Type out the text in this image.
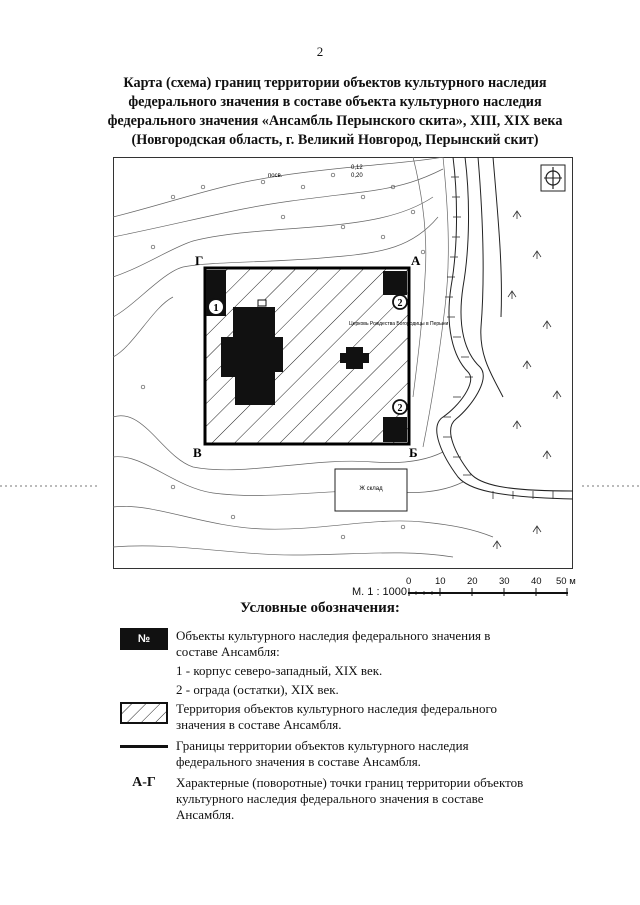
2
Карта (схема) границ территории объектов культурного наследия
федерального значения в составе объекта культурного наследия
федерального значения «Ансамбль Перынского скита», XIII, XIX века
(Новгородская область, г. Великий Новгород, Перынский скит)
посв.
0,12
0,20
1	2
2
Церковь Рождества Богородицы в Перыни
Ж склад
А
Б
В
Г
0 10 20 30 40 50 м
М. 1 : 1000
Условные обозначения:
№	Объекты культурного наследия федерального значения в составе Ансамбля:
1 - корпус северо-западный, XIX век.
2 - ограда (остатки), XIX век.
Территория объектов культурного наследия федерального значения в составе Ансамбля.
Границы территории объектов культурного наследия федерального значения в составе Ансамбля.
А-Г	Характерные (поворотные) точки границ территории объектов культурного наследия федерального значения в составе Ансамбля.
